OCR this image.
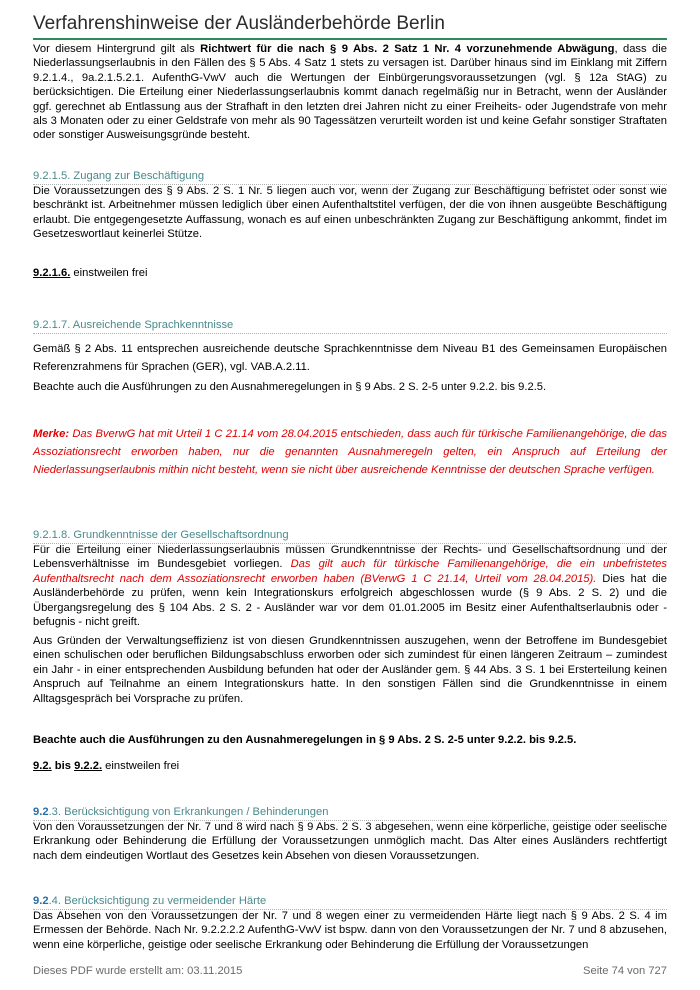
Verfahrenshinweise der Ausländerbehörde Berlin
Vor diesem Hintergrund gilt als Richtwert für die nach § 9 Abs. 2 Satz 1 Nr. 4 vorzunehmende Abwägung, dass die Niederlassungserlaubnis in den Fällen des § 5 Abs. 4 Satz 1 stets zu versagen ist. Darüber hinaus sind im Einklang mit Ziffern 9.2.1.4., 9a.2.1.5.2.1. AufenthG-VwV auch die Wertungen der Einbürgerungsvoraussetzungen (vgl. § 12a StAG) zu berücksichtigen. Die Erteilung einer Niederlassungserlaubnis kommt danach regelmäßig nur in Betracht, wenn der Ausländer ggf. gerechnet ab Entlassung aus der Strafhaft in den letzten drei Jahren nicht zu einer Freiheits- oder Jugendstrafe von mehr als 3 Monaten oder zu einer Geldstrafe von mehr als 90 Tagessätzen verurteilt worden ist und keine Gefahr sonstiger Straftaten oder sonstiger Ausweisungsgründe besteht.
9.2.1.5. Zugang zur Beschäftigung
Die Voraussetzungen des § 9 Abs. 2 S. 1 Nr. 5 liegen auch vor, wenn der Zugang zur Beschäftigung befristet oder sonst wie beschränkt ist. Arbeitnehmer müssen lediglich über einen Aufenthaltstitel verfügen, der die von ihnen ausgeübte Beschäftigung erlaubt. Die entgegengesetzte Auffassung, wonach es auf einen unbeschränkten Zugang zur Beschäftigung ankommt, findet im Gesetzeswortlaut keinerlei Stütze.
9.2.1.6. einstweilen frei
9.2.1.7. Ausreichende Sprachkenntnisse
Gemäß § 2 Abs. 11 entsprechen ausreichende deutsche Sprachkenntnisse dem Niveau B1 des Gemeinsamen Europäischen Referenzrahmens für Sprachen (GER), vgl. VAB.A.2.11.
Beachte auch die Ausführungen zu den Ausnahmeregelungen in § 9 Abs. 2 S. 2-5 unter 9.2.2. bis 9.2.5.
Merke: Das BverwG hat mit Urteil 1 C 21.14 vom 28.04.2015 entschieden, dass auch für türkische Familienangehörige, die das Assoziationsrecht erworben haben, nur die genannten Ausnahmeregeln gelten, ein Anspruch auf Erteilung der Niederlassungserlaubnis mithin nicht besteht, wenn sie nicht über ausreichende Kenntnisse der deutschen Sprache verfügen.
9.2.1.8. Grundkenntnisse der Gesellschaftsordnung
Für die Erteilung einer Niederlassungserlaubnis müssen Grundkenntnisse der Rechts- und Gesellschaftsordnung und der Lebensverhältnisse im Bundesgebiet vorliegen. Das gilt auch für türkische Familienangehörige, die ein unbefristetes Aufenthaltsrecht nach dem Assoziationsrecht erworben haben (BVerwG 1 C 21.14, Urteil vom 28.04.2015). Dies hat die Ausländerbehörde zu prüfen, wenn kein Integrationskurs erfolgreich abgeschlossen wurde (§ 9 Abs. 2 S. 2) und die Übergangsregelung des § 104 Abs. 2 S. 2 - Ausländer war vor dem 01.01.2005 im Besitz einer Aufenthaltserlaubnis oder -befugnis - nicht greift.
Aus Gründen der Verwaltungseffizienz ist von diesen Grundkenntnissen auszugehen, wenn der Betroffene im Bundesgebiet einen schulischen oder beruflichen Bildungsabschluss erworben oder sich zumindest für einen längeren Zeitraum – zumindest ein Jahr - in einer entsprechenden Ausbildung befunden hat oder der Ausländer gem. § 44 Abs. 3 S. 1 bei Ersterteilung keinen Anspruch auf Teilnahme an einem Integrationskurs hatte. In den sonstigen Fällen sind die Grundkenntnisse in einem Alltagsgespräch bei Vorsprache zu prüfen.
Beachte auch die Ausführungen zu den Ausnahmeregelungen in § 9 Abs. 2 S. 2-5 unter 9.2.2. bis 9.2.5.
9.2. bis 9.2.2. einstweilen frei
9.2.3. Berücksichtigung von Erkrankungen / Behinderungen
Von den Voraussetzungen der Nr. 7 und 8 wird nach § 9 Abs. 2 S. 3 abgesehen, wenn eine körperliche, geistige oder seelische Erkrankung oder Behinderung die Erfüllung der Voraussetzungen unmöglich macht. Das Alter eines Ausländers rechtfertigt nach dem eindeutigen Wortlaut des Gesetzes kein Absehen von diesen Voraussetzungen.
9.2.4. Berücksichtigung zu vermeidender Härte
Das Absehen von den Voraussetzungen der Nr. 7 und 8 wegen einer zu vermeidenden Härte liegt nach § 9 Abs. 2 S. 4 im Ermessen der Behörde. Nach Nr. 9.2.2.2.2 AufenthG-VwV ist bspw. dann von den Voraussetzungen der Nr. 7 und 8 abzusehen, wenn eine körperliche, geistige oder seelische Erkrankung oder Behinderung die Erfüllung der Voraussetzungen
Dieses PDF wurde erstellt am: 03.11.2015	Seite 74 von 727
